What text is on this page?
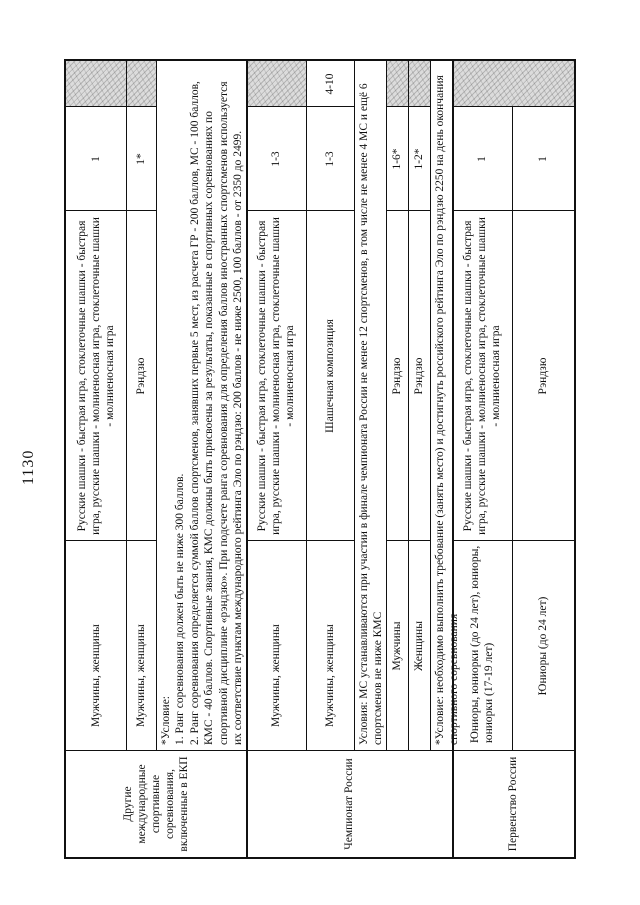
1130
Другие международные спортивные соревнования, включенные в ЕКП
Мужчины, женщины
Русские шашки - быстрая игра, стоклеточные шашки - быстрая игра, русские шашки - молниеносная игра, стоклеточные шашки - молниеносная игра
1
Мужчины, женщины
Рэндзю
1*

*Условие: 1. Ранг соревнования должен быть не ниже 300 баллов. 2. Ранг соревнования определяется суммой баллов спортсменов, занявших первые 5 мест, из расчета ГР - 200 баллов, МС - 100 баллов, КМС - 40 баллов. Спортивные звания, КМС должны быть присвоены за результаты, показанные в спортивных соревнованиях по спортивной дисциплине «рэндзю». При подсчете ранга соревнования для определения баллов иностранных спортсменов используется их соответствие пунктам международного рейтинга Эло по рэндзю: 200 баллов - не ниже 2500, 100 баллов - от 2350 до 2499.

Чемпионат России
Мужчины, женщины
Русские шашки - быстрая игра, стоклеточные шашки - быстрая игра, русские шашки - молниеносная игра, стоклеточные шашки - молниеносная игра
1-3
Мужчины, женщины
Шашечная композиция
1-3
4-10	Условия: МС устанавливаются при участии в финале чемпионата России не менее 12 спортсменов, в том числе не менее 4 МС и ещё 6 спортсменов не ниже КМС Мужчины
Рэндзю
1-6*
Женщины
Рэндзю
1-2* *Условие: необходимо выполнить требование (занять место) и достигнуть российского рейтинга Эло по рэндзю 2250 на день окончания спортивного соревнования
Первенство России
Юниоры, юниорки (до 24 лет), юниоры, юниорки (17-19 лет)
Русские шашки - быстрая игра, стоклеточные шашки - быстрая игра, русские шашки - молниеносная игра, стоклеточные шашки - молниеносная игра
1
Юниоры (до 24 лет)
Рэндзю
1
